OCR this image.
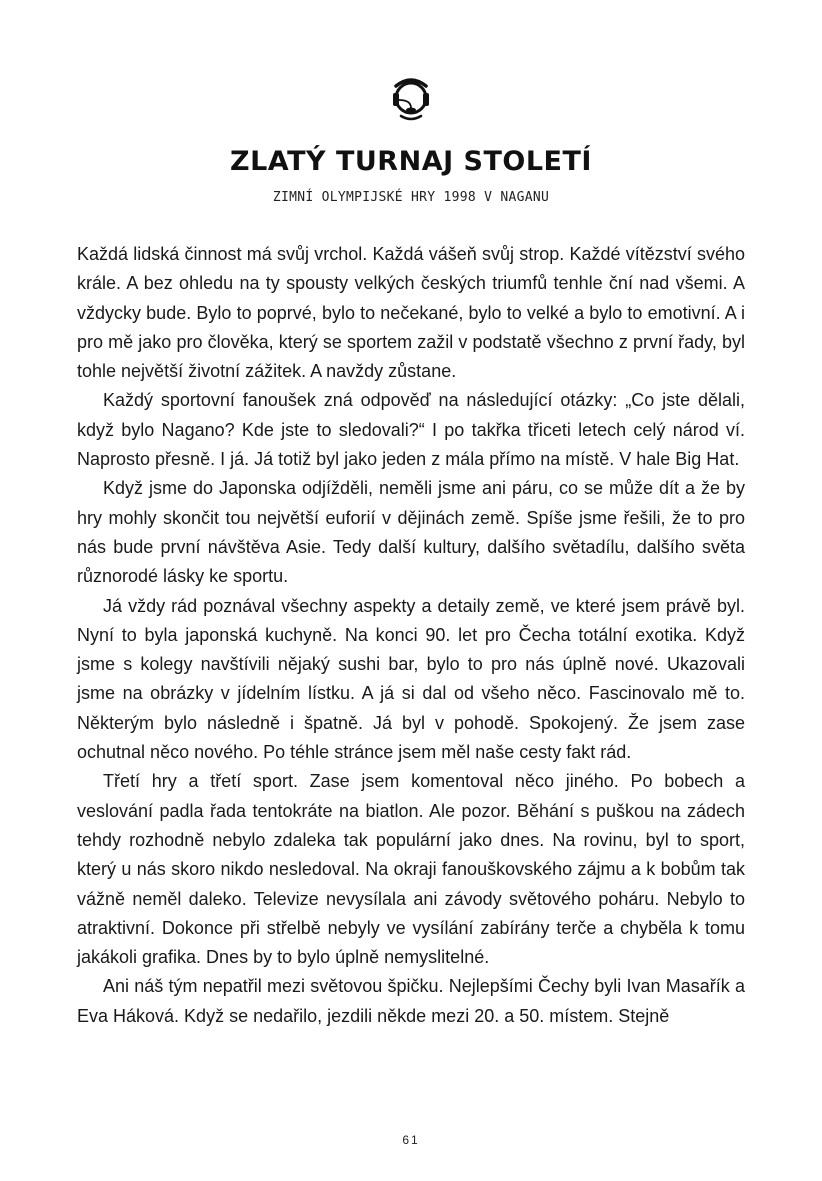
ZLATÝ TURNAJ STOLETÍ
ZIMNÍ OLYMPIJSKÉ HRY 1998 V NAGANU

Každá lidská činnost má svůj vrchol. Každá vášeň svůj strop. Každé vítězství svého krále. A bez ohledu na ty spousty velkých českých triumfů tenhle ční nad všemi. A vždycky bude. Bylo to poprvé, bylo to nečekané, bylo to velké a bylo to emotivní. A i pro mě jako pro člověka, který se sportem zažil v podstatě všechno z první řady, byl tohle největší životní zážitek. A navždy zůstane.

Každý sportovní fanoušek zná odpověď na následující otázky: „Co jste dělali, když bylo Nagano? Kde jste to sledovali?“ I po takřka třiceti letech celý národ ví. Naprosto přesně. I já. Já totiž byl jako jeden z mála přímo na místě. V hale Big Hat.

Když jsme do Japonska odjížděli, neměli jsme ani páru, co se může dít a že by hry mohly skončit tou největší euforií v dějinách země. Spíše jsme řešili, že to pro nás bude první návštěva Asie. Tedy další kultury, dalšího světadílu, dalšího světa různorodé lásky ke sportu.

Já vždy rád poznával všechny aspekty a detaily země, ve které jsem právě byl. Nyní to byla japonská kuchyně. Na konci 90. let pro Čecha totální exotika. Když jsme s kolegy navštívili nějaký sushi bar, bylo to pro nás úplně nové. Ukazovali jsme na obrázky v jídelním lístku. A já si dal od všeho něco. Fascinovalo mě to. Některým bylo následně i špatně. Já byl v pohodě. Spokojený. Že jsem zase ochutnal něco nového. Po téhle stránce jsem měl naše cesty fakt rád.

Třetí hry a třetí sport. Zase jsem komentoval něco jiného. Po bobech a veslování padla řada tentokráte na biatlon. Ale pozor. Běhání s puškou na zádech tehdy rozhodně nebylo zdaleka tak populární jako dnes. Na rovinu, byl to sport, který u nás skoro nikdo nesledoval. Na okraji fanouškovského zájmu a k bobům tak vážně neměl daleko. Televize nevysílala ani závody světového poháru. Nebylo to atraktivní. Dokonce při střelbě nebyly ve vysílání zabírány terče a chyběla k tomu jakákoli grafika. Dnes by to bylo úplně nemyslitelné.

Ani náš tým nepatřil mezi světovou špičku. Nejlepšími Čechy byli Ivan Masařík a Eva Háková. Když se nedařilo, jezdili někde mezi 20. a 50. místem. Stejně

61
